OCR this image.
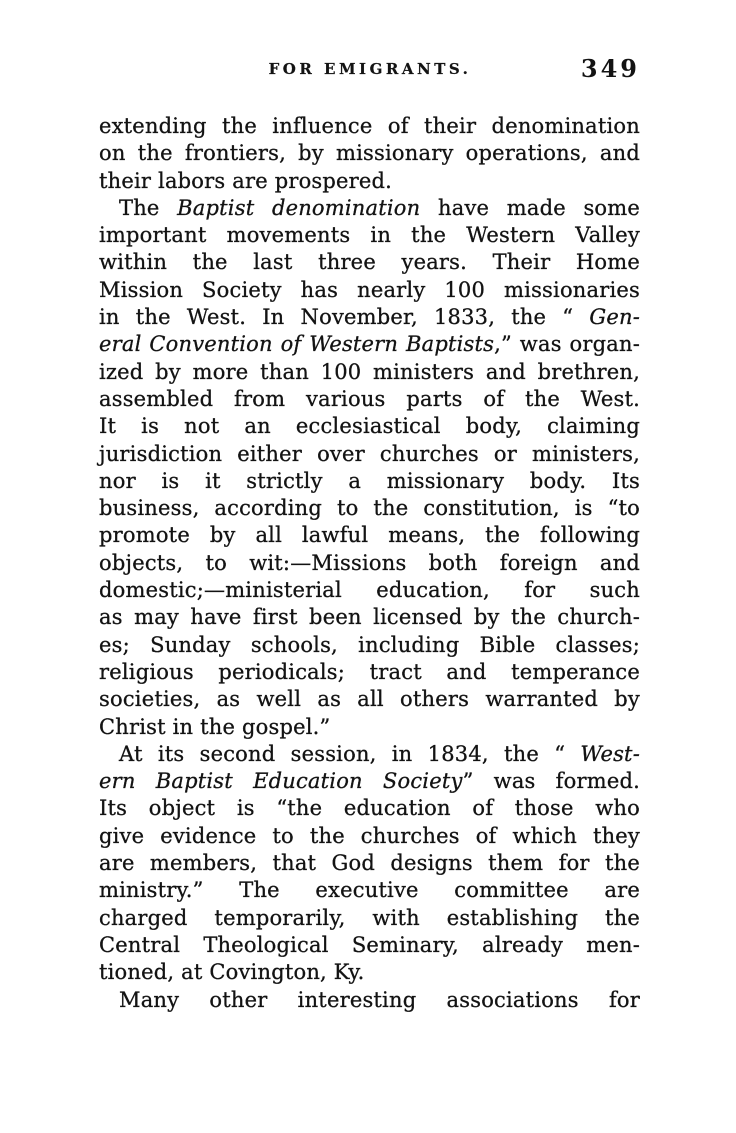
FOR EMIGRANTS.	349
extending the influence of their denomination
on the frontiers, by missionary operations, and
their labors are prospered.
The Baptist denomination have made some
important movements in the Western Valley
within the last three years. Their Home
Mission Society has nearly 100 missionaries
in the West. In November, 1833, the “ Gen-
eral Convention of Western Baptists,” was organ-
ized by more than 100 ministers and brethren,
assembled from various parts of the West.
It is not an ecclesiastical body, claiming
jurisdiction either over churches or ministers,
nor is it strictly a missionary body. Its
business, according to the constitution, is “to
promote by all lawful means, the following
objects, to wit:—Missions both foreign and
domestic;—ministerial education, for such
as may have first been licensed by the church-
es; Sunday schools, including Bible classes;
religious periodicals; tract and temperance
societies, as well as all others warranted by
Christ in the gospel.”
At its second session, in 1834, the “ West-
ern Baptist Education Society” was formed.
Its object is “the education of those who
give evidence to the churches of which they
are members, that God designs them for the
ministry.” The executive committee are
charged temporarily, with establishing the
Central Theological Seminary, already men-
tioned, at Covington, Ky.
Many other interesting associations for
